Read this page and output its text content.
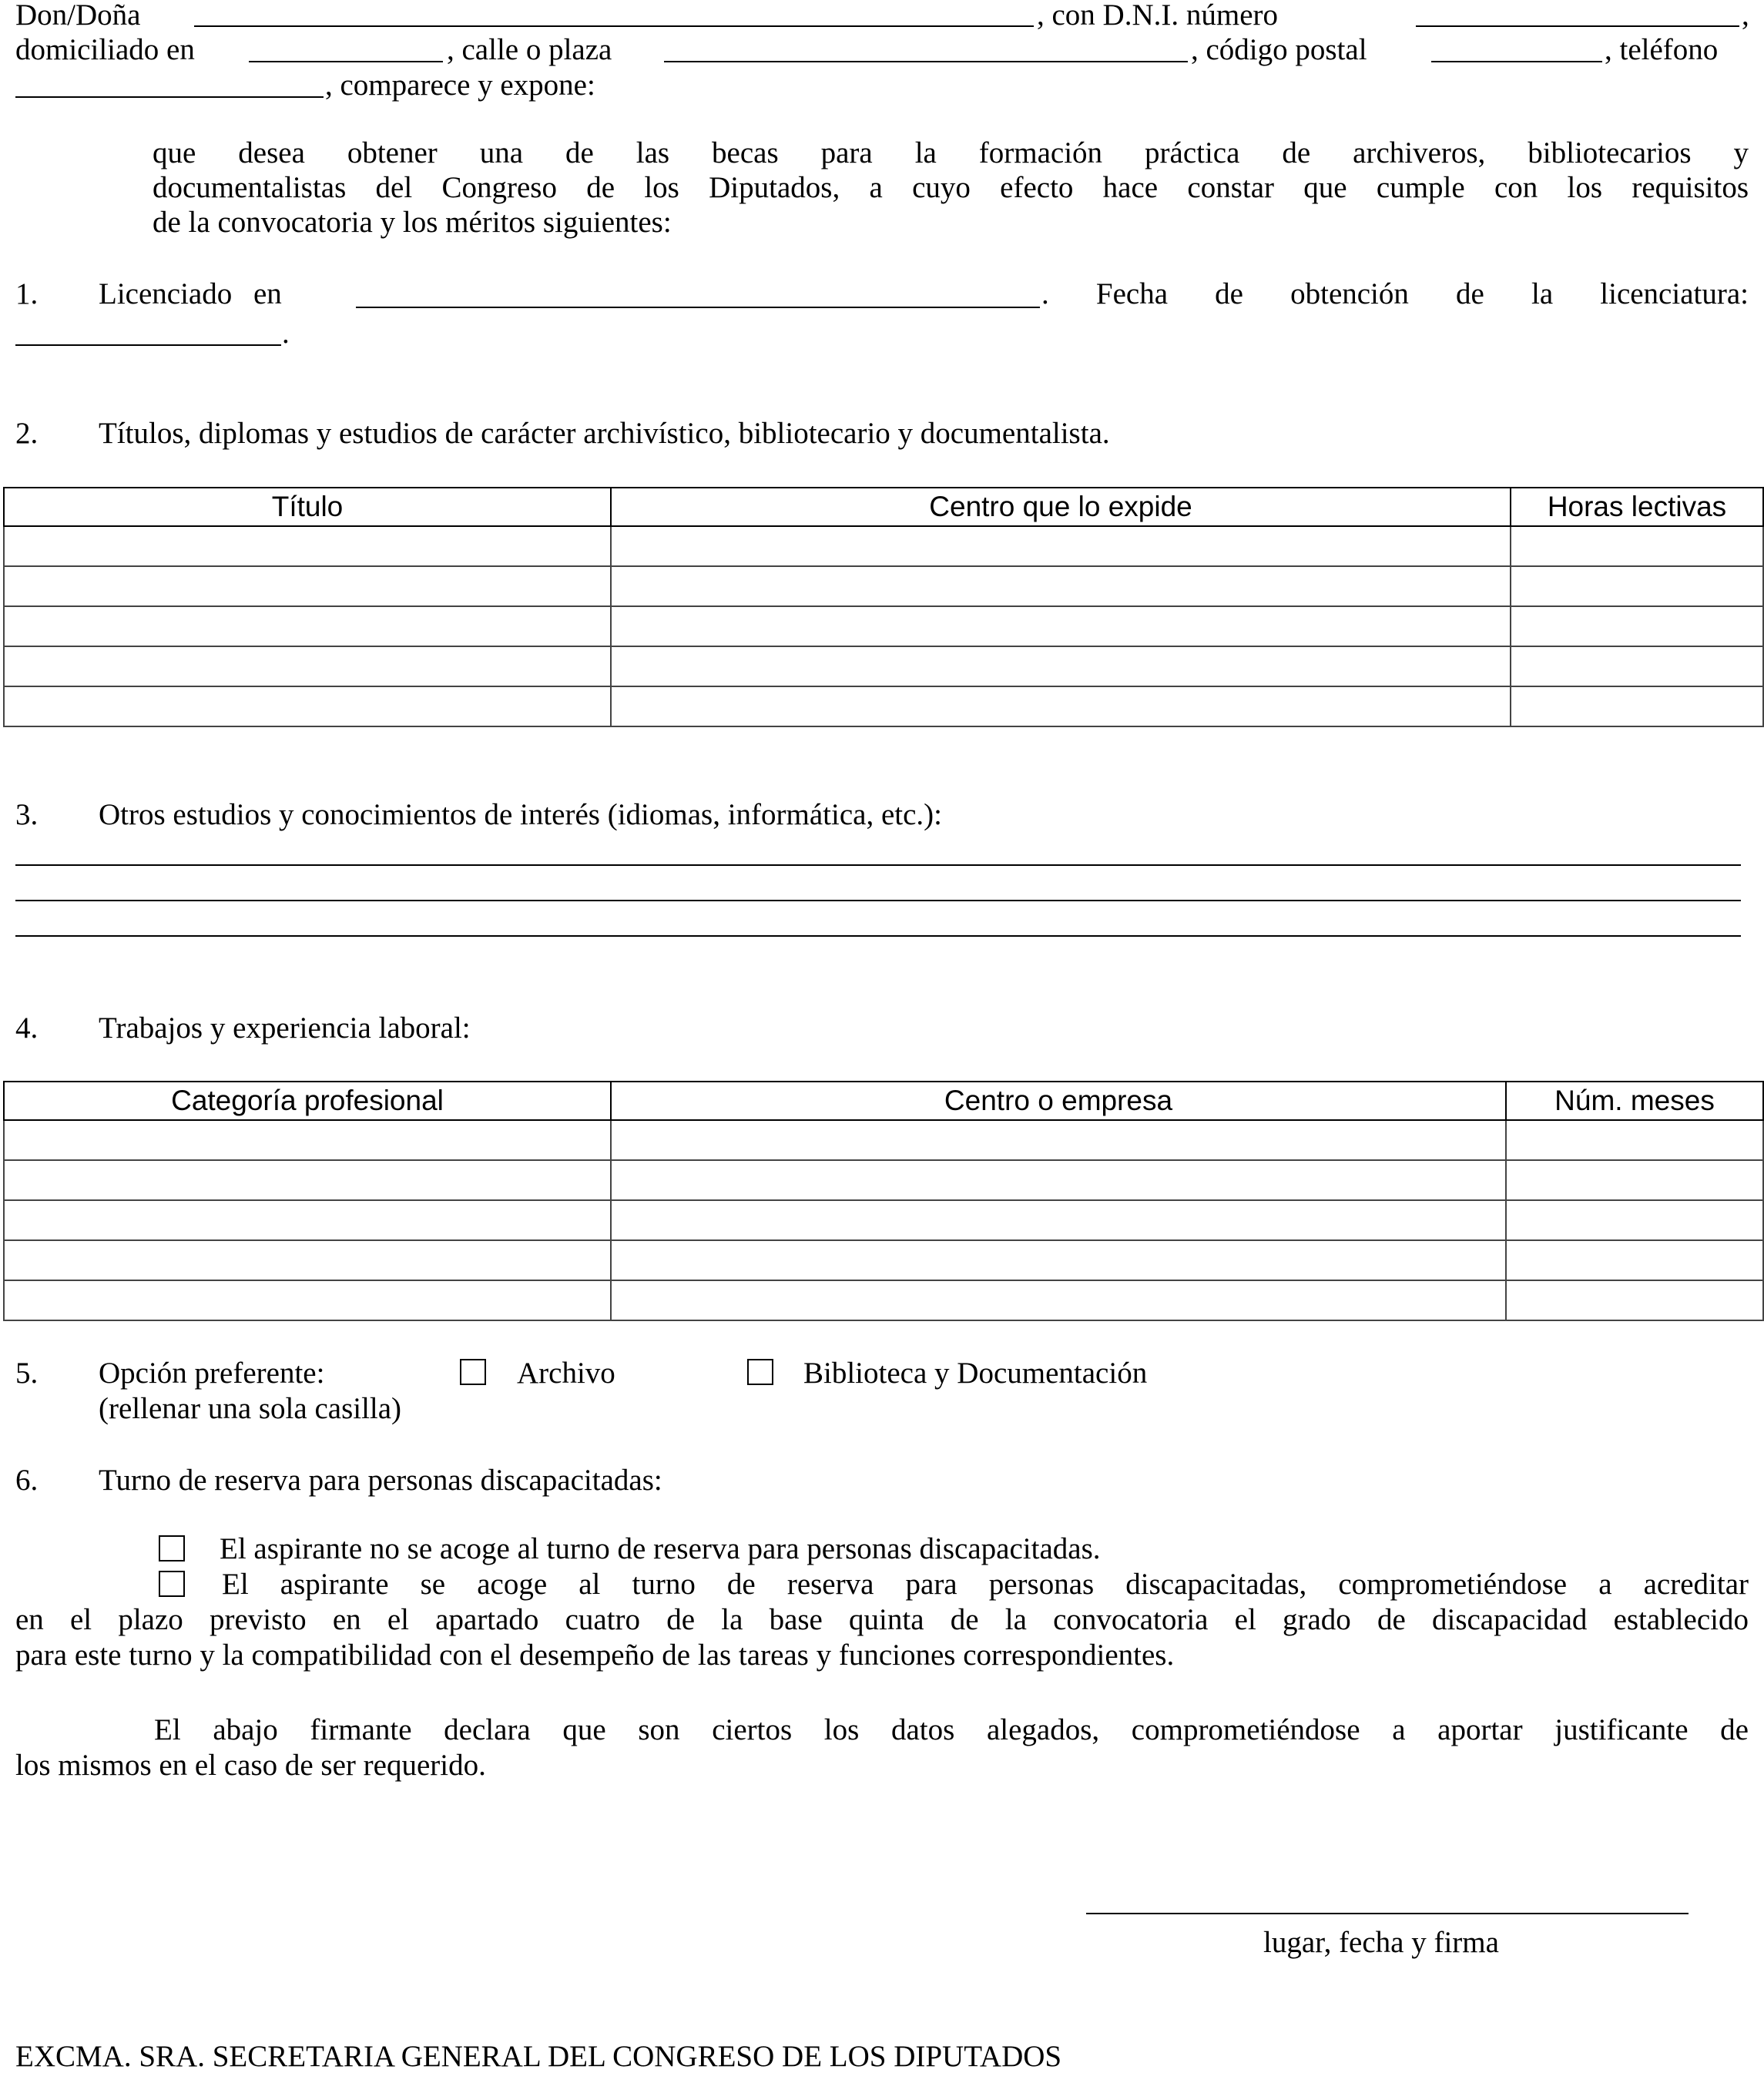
Don/Doña	, con D.N.I. número	,
domiciliado en	, calle o plaza	, código postal	, teléfono
, comparece y expone:
que desea obtener una de las becas para la formación práctica de archiveros, bibliotecarios y
documentalistas del Congreso de los Diputados, a cuyo efecto hace constar que cumple con los requisitos
de la convocatoria y los méritos siguientes:
1. Licenciado en	. Fecha de obtención de la licenciatura:
.
2. Títulos, diplomas y estudios de carácter archivístico, bibliotecario y documentalista.
Título	Centro que lo expide	Horas lectivas

3. Otros estudios y conocimientos de interés (idiomas, informática, etc.):
4. Trabajos y experiencia laboral:
Categoría profesional	Centro o empresa	Núm. meses

5. Opción preferente:	Archivo	Biblioteca y Documentación
(rellenar una sola casilla)
6. Turno de reserva para personas discapacitadas:
El aspirante no se acoge al turno de reserva para personas discapacitadas.
El aspirante se acoge al turno de reserva para personas discapacitadas, comprometiéndose a acreditar
en el plazo previsto en el apartado cuatro de la base quinta de la convocatoria el grado de discapacidad establecido
para este turno y la compatibilidad con el desempeño de las tareas y funciones correspondientes.
El abajo firmante declara que son ciertos los datos alegados, comprometiéndose a aportar justificante de
los mismos en el caso de ser requerido.
lugar, fecha y firma
EXCMA. SRA. SECRETARIA GENERAL DEL CONGRESO DE LOS DIPUTADOS
